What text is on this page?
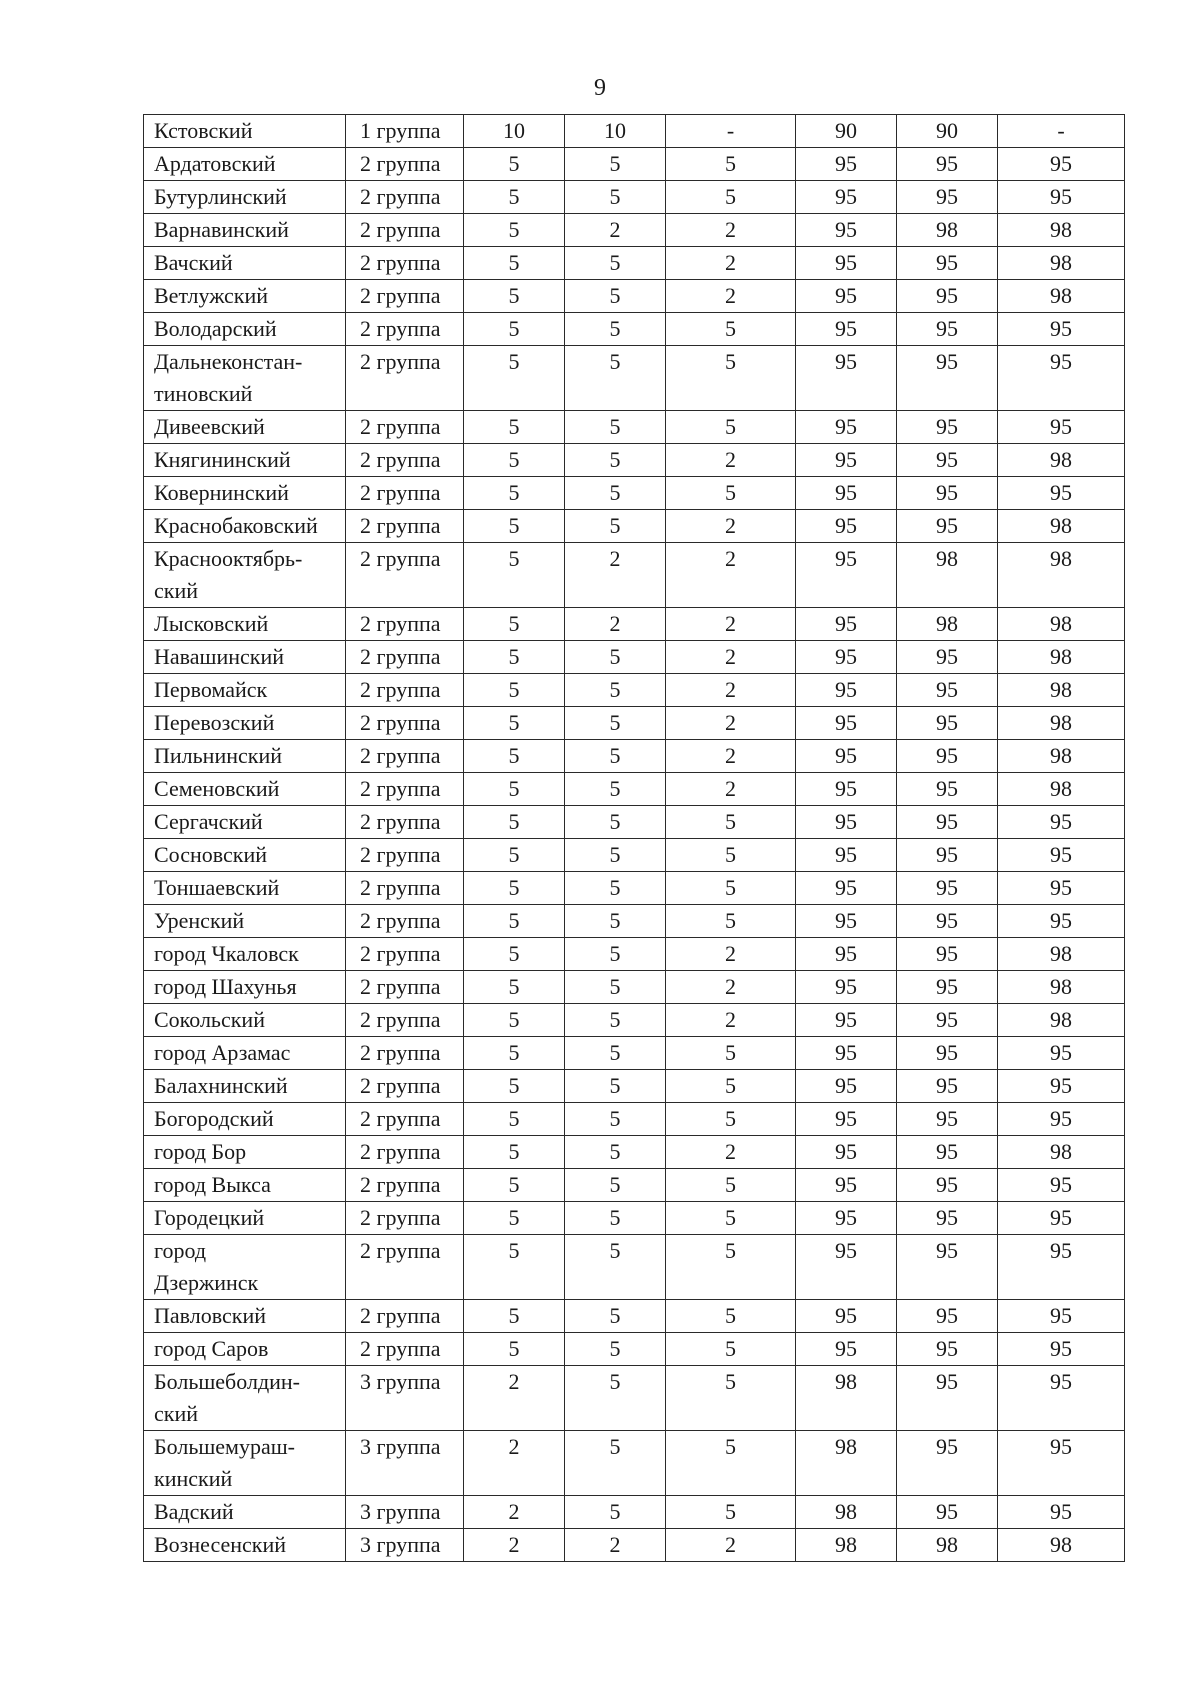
9
Кстовский	1 группа	10	10	-	90	90	-

Ардатовский	2 группа	5	5	5	95	95	95

Бутурлинский	2 группа	5	5	5	95	95	95

Варнавинский	2 группа	5	2	2	95	98	98

Вачский	2 группа	5	5	2	95	95	98

Ветлужский	2 группа	5	5	2	95	95	98

Володарский	2 группа	5	5	5	95	95	95

Дальнеконстан-
тиновский	2 группа	5	5	5	95	95	95

Дивеевский	2 группа	5	5	5	95	95	95

Княгининский	2 группа	5	5	2	95	95	98

Ковернинский	2 группа	5	5	5	95	95	95

Краснобаковский	2 группа	5	5	2	95	95	98

Краснооктябрь-
ский	2 группа	5	2	2	95	98	98

Лысковский	2 группа	5	2	2	95	98	98

Навашинский	2 группа	5	5	2	95	95	98

Первомайск	2 группа	5	5	2	95	95	98

Перевозский	2 группа	5	5	2	95	95	98

Пильнинский	2 группа	5	5	2	95	95	98

Семеновский	2 группа	5	5	2	95	95	98

Сергачский	2 группа	5	5	5	95	95	95

Сосновский	2 группа	5	5	5	95	95	95

Тоншаевский	2 группа	5	5	5	95	95	95

Уренский	2 группа	5	5	5	95	95	95

город Чкаловск	2 группа	5	5	2	95	95	98

город Шахунья	2 группа	5	5	2	95	95	98

Сокольский	2 группа	5	5	2	95	95	98

город Арзамас	2 группа	5	5	5	95	95	95

Балахнинский	2 группа	5	5	5	95	95	95

Богородский	2 группа	5	5	5	95	95	95

город Бор	2 группа	5	5	2	95	95	98

город Выкса	2 группа	5	5	5	95	95	95

Городецкий	2 группа	5	5	5	95	95	95

город
Дзержинск	2 группа	5	5	5	95	95	95

Павловский	2 группа	5	5	5	95	95	95

город Саров	2 группа	5	5	5	95	95	95

Большеболдин-
ский	3 группа	2	5	5	98	95	95

Большемураш-
кинский	3 группа	2	5	5	98	95	95

Вадский	3 группа	2	5	5	98	95	95

Вознесенский	3 группа	2	2	2	98	98	98
